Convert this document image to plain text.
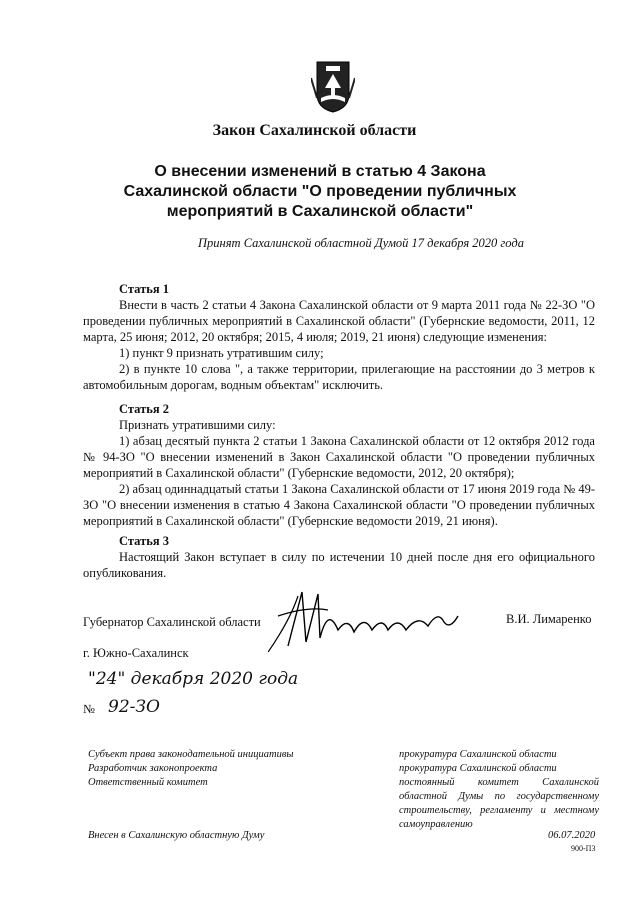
Закон Сахалинской области
О внесении изменений в статью 4 Закона
Сахалинской области "О проведении публичных
мероприятий в Сахалинской области"
Принят Сахалинской областной Думой 17 декабря 2020 года

Статья 1

Внести в часть 2 статьи 4 Закона Сахалинской области от 9 марта 2011 года № 22-ЗО "О проведении публичных мероприятий в Сахалинской области" (Губернские ведомости, 2011, 12 марта, 25 июня; 2012, 20 октября; 2015, 4 июля; 2019, 21 июня) следующие изменения:

1) пункт 9 признать утратившим силу;

2) в пункте 10 слова ", а также территории, прилегающие на расстоянии до 3 метров к автомобильным дорогам, водным объектам" исключить.

Статья 2

Признать утратившими силу:

1) абзац десятый пункта 2 статьи 1 Закона Сахалинской области от 12 октября 2012 года № 94-ЗО "О внесении изменений в Закон Сахалинской области "О проведении публичных мероприятий в Сахалинской области" (Губернские ведомости, 2012, 20 октября);

2) абзац одиннадцатый статьи 1 Закона Сахалинской области от 17 июня 2019 года № 49-ЗО "О внесении изменения в статью 4 Закона Сахалинской области "О проведении публичных мероприятий в Сахалинской области" (Губернские ведомости 2019, 21 июня).

Статья 3

Настоящий Закон вступает в силу по истечении 10 дней после дня его официального опубликования.

Губернатор Сахалинской области	В.И. Лимаренко
г. Южно-Сахалинск
"24" декабря 2020 года
№ 92-ЗО
Субъект права законодательной инициативы
Разработчик законопроекта
Ответственный комитет
прокуратура Сахалинской области
прокуратура Сахалинской области
постоянный комитет Сахалинской областной Думы по государственному строительству, регламенту и местному самоуправлению
Внесен в Сахалинскую областную Думу	06.07.2020
900-П3
